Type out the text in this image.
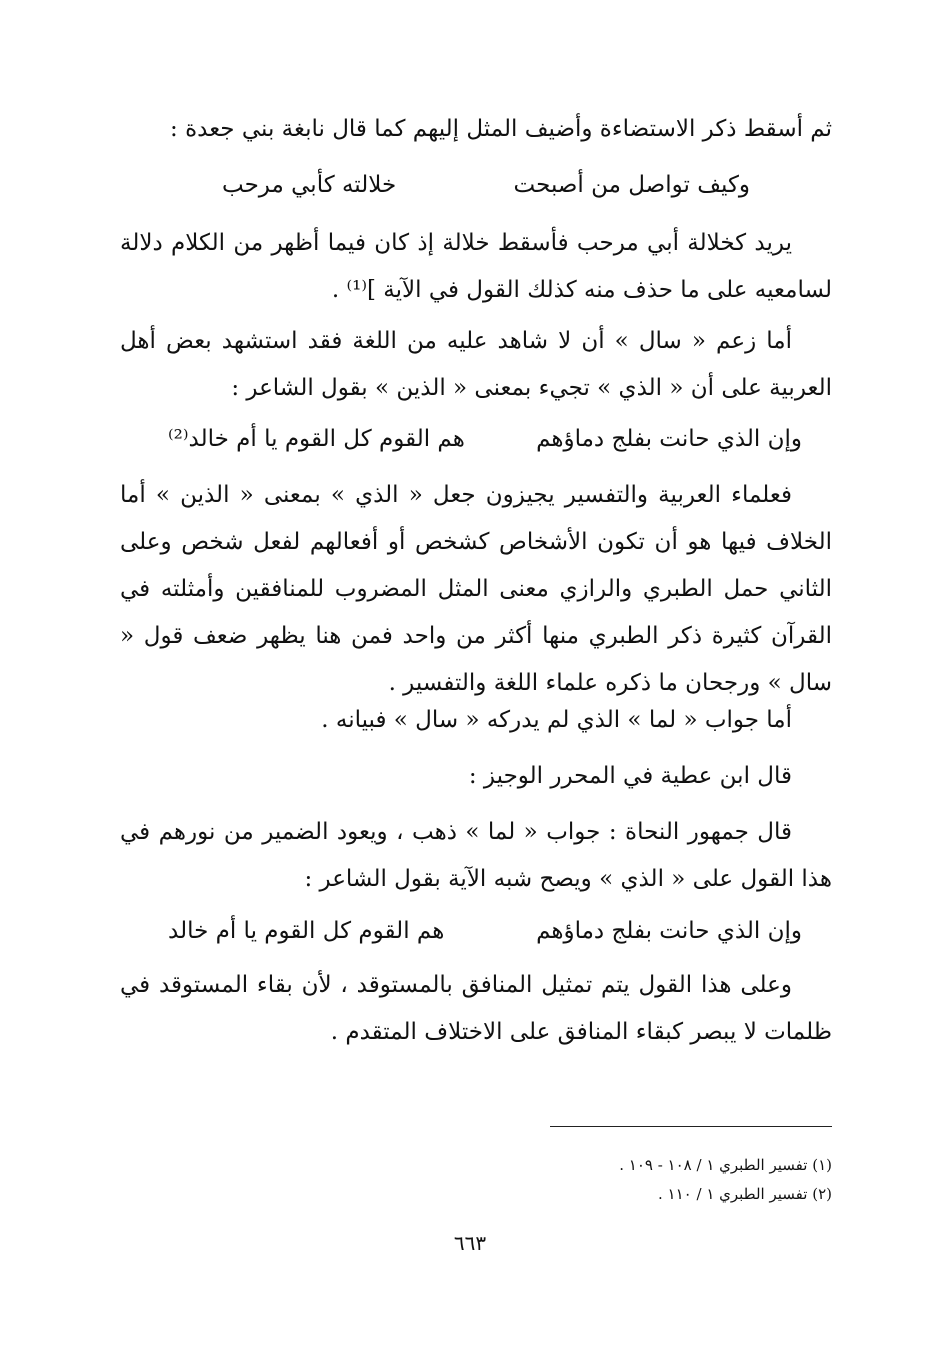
ثم أسقط ذكر الاستضاءة وأضيف المثل إليهم كما قال نابغة بني جعدة :

وكيف تواصل من أصبحت
خلالته كأبي مرحب

يريد كخلالة أبي مرحب فأسقط خلالة إذ كان فيما أظهر من الكلام دلالة لسامعيه على ما حذف منه كذلك القول في الآية ]⁽¹⁾ .

أما زعم « سال » أن لا شاهد عليه من اللغة فقد استشهد بعض أهل العربية على أن « الذي » تجيء بمعنى « الذين » بقول الشاعر :

وإن الذي حانت بفلج دماؤهم
هم القوم كل القوم يا أم خالد⁽²⁾

فعلماء العربية والتفسير يجيزون جعل « الذي » بمعنى « الذين » أما الخلاف فيها هو أن تكون الأشخاص كشخص أو أفعالهم لفعل شخص وعلى الثاني حمل الطبري والرازي معنى المثل المضروب للمنافقين وأمثلته في القرآن كثيرة ذكر الطبري منها أكثر من واحد فمن هنا يظهر ضعف قول « سال » ورجحان ما ذكره علماء اللغة والتفسير .

أما جواب « لما » الذي لم يدركه « سال » فبيانه .

قال ابن عطية في المحرر الوجيز :

قال جمهور النحاة : جواب « لما » ذهب ، ويعود الضمير من نورهم في هذا القول على « الذي » ويصح شبه الآية بقول الشاعر :

وإن الذي حانت بفلج دماؤهم
هم القوم كل القوم يا أم خالد

وعلى هذا القول يتم تمثيل المنافق بالمستوقد ، لأن بقاء المستوقد في ظلمات لا يبصر كبقاء المنافق على الاختلاف المتقدم .

(١) تفسير الطبري ١ / ١٠٨ - ١٠٩ .
(٢) تفسير الطبري ١ / ١١٠ .
٦٦٣
